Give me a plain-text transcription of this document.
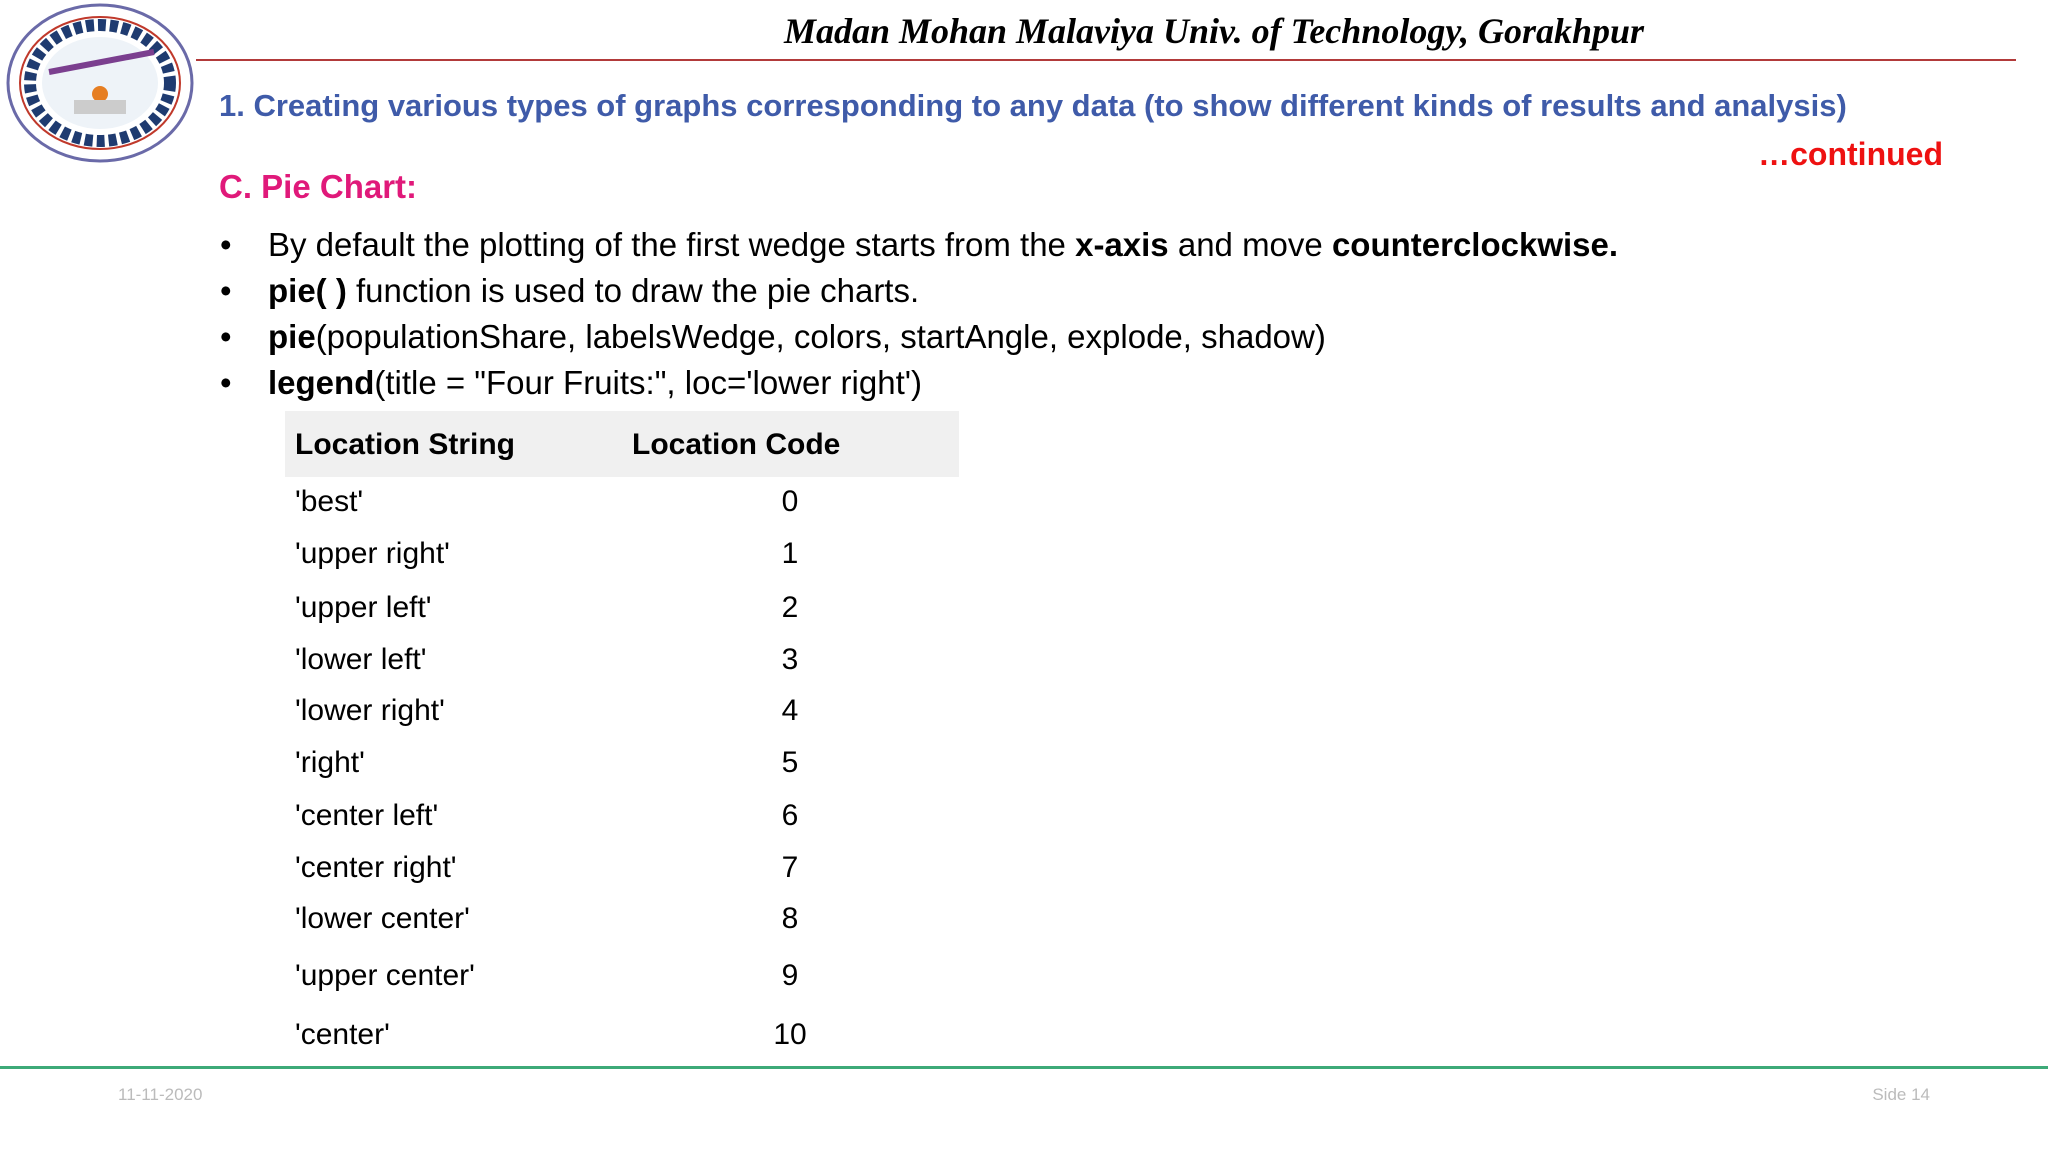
Madan Mohan Malaviya Univ. of Technology, Gorakhpur
1. Creating various types of graphs corresponding to any data (to show different kinds of results and analysis)
…continued
C. Pie Chart:
• By default the plotting of the first wedge starts from the x-axis and move counterclockwise.
• pie( ) function is used to draw the pie charts.
• pie(populationShare, labelsWedge, colors, startAngle, explode, shadow)
• legend(title = "Four Fruits:", loc='lower right')
Location String	Location Code
'best'	0
'upper right'	1
'upper left'	2
'lower left'	3
'lower right'	4
'right'	5
'center left'	6
'center right'	7
'lower center'	8
'upper center'	9
'center'	10
11-11-2020	Side 14
